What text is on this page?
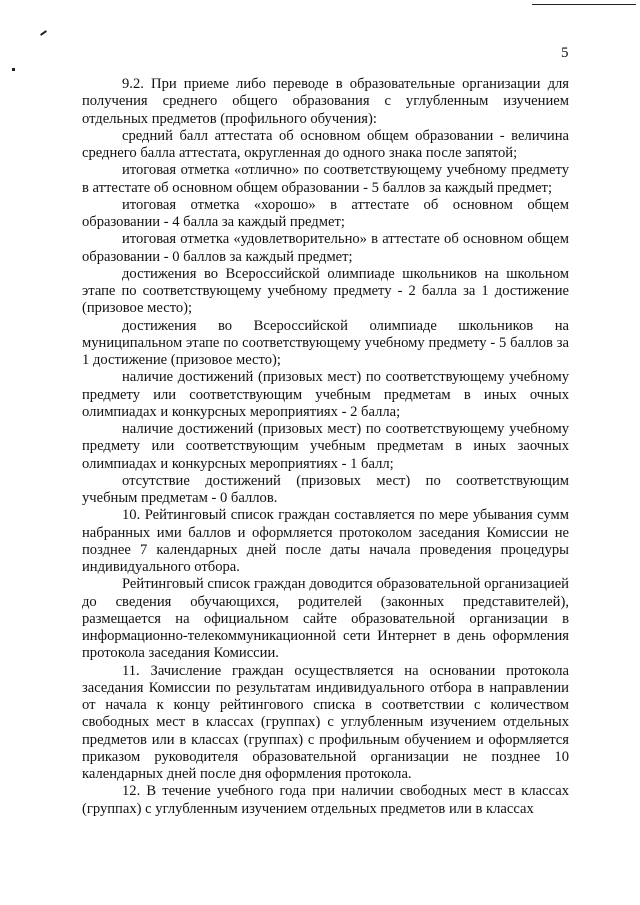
5

9.2. При приеме либо переводе в образовательные организации для получения среднего общего образования с углубленным изучением отдельных предметов (профильного обучения):

средний балл аттестата об основном общем образовании - величина среднего балла аттестата, округленная до одного знака после запятой;

итоговая отметка «отлично» по соответствующему учебному предмету в аттестате об основном общем образовании - 5 баллов за каждый предмет;

итоговая отметка «хорошо» в аттестате об основном общем образовании - 4 балла за каждый предмет;

итоговая отметка «удовлетворительно» в аттестате об основном общем образовании - 0 баллов за каждый предмет;

достижения во Всероссийской олимпиаде школьников на школьном этапе по соответствующему учебному предмету - 2 балла за 1 достижение (призовое место);

достижения во Всероссийской олимпиаде школьников на муниципальном этапе по соответствующему учебному предмету - 5 баллов за 1 достижение (призовое место);

наличие достижений (призовых мест) по соответствующему учебному предмету или соответствующим учебным предметам в иных очных олимпиадах и конкурсных мероприятиях - 2 балла;

наличие достижений (призовых мест) по соответствующему учебному предмету или соответствующим учебным предметам в иных заочных олимпиадах и конкурсных мероприятиях - 1 балл;

отсутствие достижений (призовых мест) по соответствующим учебным предметам - 0 баллов.

10. Рейтинговый список граждан составляется по мере убывания сумм набранных ими баллов и оформляется протоколом заседания Комиссии не позднее 7 календарных дней после даты начала проведения процедуры индивидуального отбора.

Рейтинговый список граждан доводится образовательной организацией до сведения обучающихся, родителей (законных представителей), размещается на официальном сайте образовательной организации в информационно-телекоммуникационной сети Интернет в день оформления протокола заседания Комиссии.

11. Зачисление граждан осуществляется на основании протокола заседания Комиссии по результатам индивидуального отбора в направлении от начала к концу рейтингового списка в соответствии с количеством свободных мест в классах (группах) с углубленным изучением отдельных предметов или в классах (группах) с профильным обучением и оформляется приказом руководителя образовательной организации не позднее 10 календарных дней после дня оформления протокола.

12. В течение учебного года при наличии свободных мест в классах (группах) с углубленным изучением отдельных предметов или в классах
